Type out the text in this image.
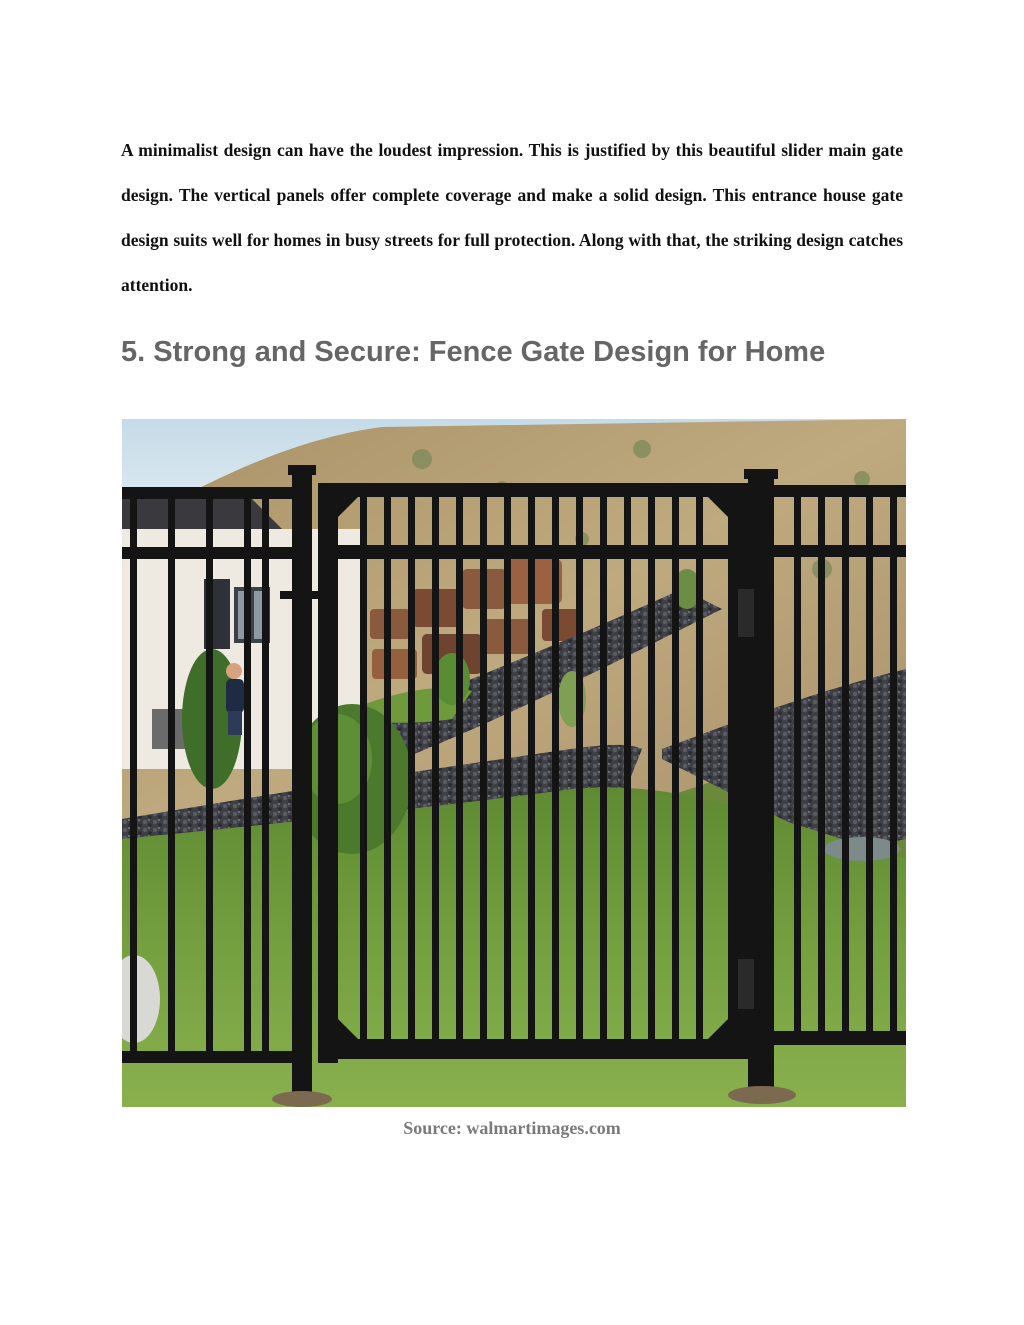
A minimalist design can have the loudest impression. This is justified by this beautiful slider main gate design. The vertical panels offer complete coverage and make a solid design. This entrance house gate design suits well for homes in busy streets for full protection. Along with that, the striking design catches attention.

5. Strong and Secure: Fence Gate Design for Home

Source: walmartimages.com
